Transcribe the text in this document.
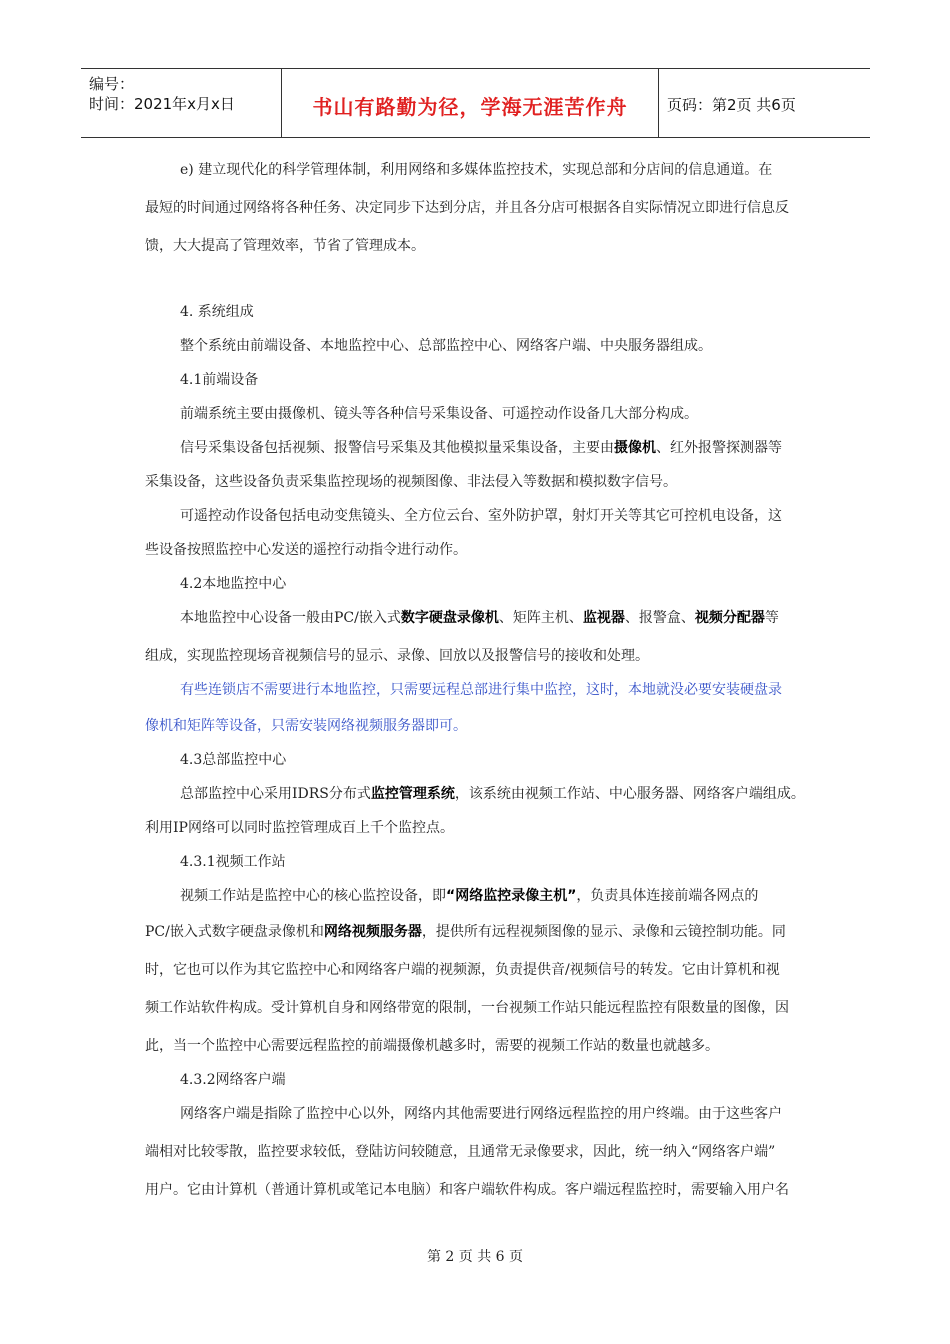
编号：
时间：2021年x月x日	书山有路勤为径，学海无涯苦作舟	页码：第2页 共6页
e) 建立现代化的科学管理体制，利用网络和多媒体监控技术，实现总部和分店间的信息通道。在
最短的时间通过网络将各种任务、决定同步下达到分店，并且各分店可根据各自实际情况立即进行信息反
馈，大大提高了管理效率，节省了管理成本。
4. 系统组成
整个系统由前端设备、本地监控中心、总部监控中心、网络客户端、中央服务器组成。
4.1前端设备
前端系统主要由摄像机、镜头等各种信号采集设备、可遥控动作设备几大部分构成。
信号采集设备包括视频、报警信号采集及其他模拟量采集设备，主要由摄像机、红外报警探测器等
采集设备，这些设备负责采集监控现场的视频图像、非法侵入等数据和模拟数字信号。
可遥控动作设备包括电动变焦镜头、全方位云台、室外防护罩，射灯开关等其它可控机电设备，这
些设备按照监控中心发送的遥控行动指令进行动作。
4.2本地监控中心
本地监控中心设备一般由PC/嵌入式数字硬盘录像机、矩阵主机、监视器、报警盒、视频分配器等
组成，实现监控现场音视频信号的显示、录像、回放以及报警信号的接收和处理。
有些连锁店不需要进行本地监控，只需要远程总部进行集中监控，这时，本地就没必要安装硬盘录
像机和矩阵等设备，只需安装网络视频服务器即可。
4.3总部监控中心
总部监控中心采用IDRS分布式监控管理系统，该系统由视频工作站、中心服务器、网络客户端组成。
利用IP网络可以同时监控管理成百上千个监控点。
4.3.1视频工作站
视频工作站是监控中心的核心监控设备，即“网络监控录像主机”，负责具体连接前端各网点的
PC/嵌入式数字硬盘录像机和网络视频服务器，提供所有远程视频图像的显示、录像和云镜控制功能。同
时，它也可以作为其它监控中心和网络客户端的视频源，负责提供音/视频信号的转发。它由计算机和视
频工作站软件构成。受计算机自身和网络带宽的限制，一台视频工作站只能远程监控有限数量的图像，因
此，当一个监控中心需要远程监控的前端摄像机越多时，需要的视频工作站的数量也就越多。
4.3.2网络客户端
网络客户端是指除了监控中心以外，网络内其他需要进行网络远程监控的用户终端。由于这些客户
端相对比较零散，监控要求较低，登陆访问较随意，且通常无录像要求，因此，统一纳入“网络客户端”
用户。它由计算机（普通计算机或笔记本电脑）和客户端软件构成。客户端远程监控时，需要输入用户名
第 2 页 共 6 页
